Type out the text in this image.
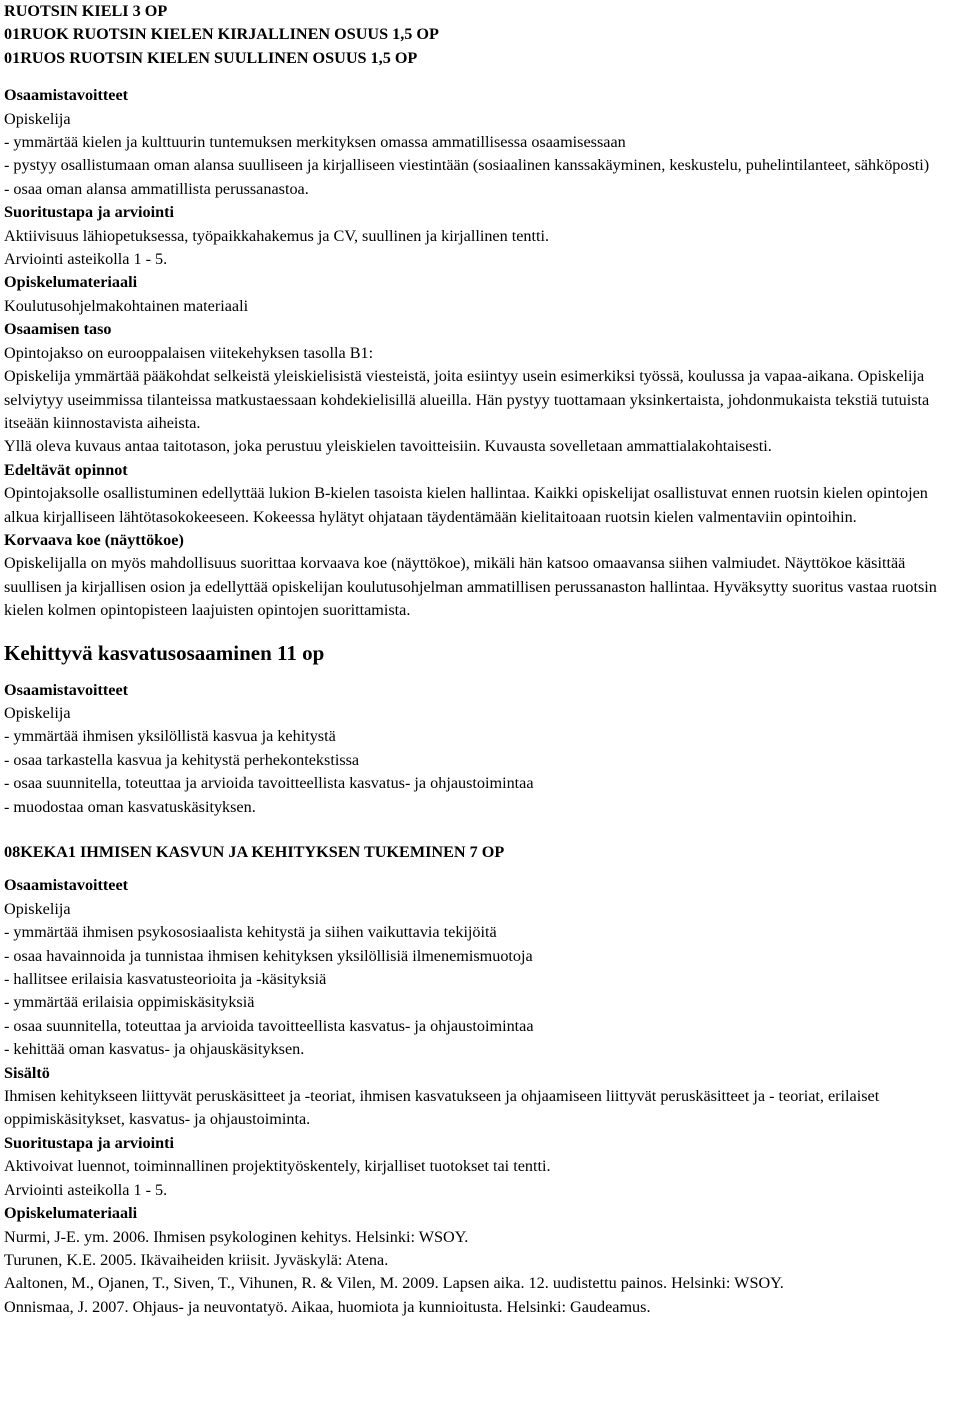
RUOTSIN KIELI 3 OP
01RUOK RUOTSIN KIELEN KIRJALLINEN OSUUS 1,5 OP
01RUOS RUOTSIN KIELEN SUULLINEN OSUUS 1,5 OP
Osaamistavoitteet
Opiskelija
- ymmärtää kielen ja kulttuurin tuntemuksen merkityksen omassa ammatillisessa osaamisessaan
- pystyy osallistumaan oman alansa suulliseen ja kirjalliseen viestintään (sosiaalinen kanssakäyminen, keskustelu, puhelintilanteet, sähköposti)
- osaa oman alansa ammatillista perussanastoa.
Suoritustapa ja arviointi
Aktiivisuus lähiopetuksessa, työpaikkahakemus ja CV, suullinen ja kirjallinen tentti.
Arviointi asteikolla 1 - 5.
Opiskelumateriaali
Koulutusohjelmakohtainen materiaali
Osaamisen taso
Opintojakso on eurooppalaisen viitekehyksen tasolla B1:
Opiskelija ymmärtää pääkohdat selkeistä yleiskielisistä viesteistä, joita esiintyy usein esimerkiksi työssä, koulussa ja vapaa-aikana. Opiskelija selviytyy useimmissa tilanteissa matkustaessaan kohdekielisillä alueilla. Hän pystyy tuottamaan yksinkertaista, johdonmukaista tekstiä tutuista itseään kiinnostavista aiheista.
Yllä oleva kuvaus antaa taitotason, joka perustuu yleiskielen tavoitteisiin. Kuvausta sovelletaan ammattialakohtaisesti.
Edeltävät opinnot
Opintojaksolle osallistuminen edellyttää lukion B-kielen tasoista kielen hallintaa. Kaikki opiskelijat osallistuvat ennen ruotsin kielen opintojen alkua kirjalliseen lähtötasokokeeseen. Kokeessa hylätyt ohjataan täydentämään kielitaitoaan ruotsin kielen valmentaviin opintoihin.
Korvaava koe (näyttökoe)
Opiskelijalla on myös mahdollisuus suorittaa korvaava koe (näyttökoe), mikäli hän katsoo omaavansa siihen valmiudet. Näyttökoe käsittää suullisen ja kirjallisen osion ja edellyttää opiskelijan koulutusohjelman ammatillisen perussanaston hallintaa. Hyväksytty suoritus vastaa ruotsin kielen kolmen opintopisteen laajuisten opintojen suorittamista.
Kehittyvä kasvatusosaaminen 11 op
Osaamistavoitteet
Opiskelija
- ymmärtää ihmisen yksilöllistä kasvua ja kehitystä
- osaa tarkastella kasvua ja kehitystä perhekontekstissa
- osaa suunnitella, toteuttaa ja arvioida tavoitteellista kasvatus- ja ohjaustoimintaa
- muodostaa oman kasvatuskäsityksen.
08KEKA1 IHMISEN KASVUN JA KEHITYKSEN TUKEMINEN 7 OP
Osaamistavoitteet
Opiskelija
- ymmärtää ihmisen psykososiaalista kehitystä ja siihen vaikuttavia tekijöitä
- osaa havainnoida ja tunnistaa ihmisen kehityksen yksilöllisiä ilmenemismuotoja
- hallitsee erilaisia kasvatusteorioita ja -käsityksiä
- ymmärtää erilaisia oppimiskäsityksiä
- osaa suunnitella, toteuttaa ja arvioida tavoitteellista kasvatus- ja ohjaustoimintaa
- kehittää oman kasvatus- ja ohjauskäsityksen.
Sisältö
Ihmisen kehitykseen liittyvät peruskäsitteet ja -teoriat, ihmisen kasvatukseen ja ohjaamiseen liittyvät peruskäsitteet ja - teoriat, erilaiset oppimiskäsitykset, kasvatus- ja ohjaustoiminta.
Suoritustapa ja arviointi
Aktivoivat luennot, toiminnallinen projektityöskentely, kirjalliset tuotokset tai tentti.
Arviointi asteikolla 1 - 5.
Opiskelumateriaali
Nurmi, J-E. ym. 2006. Ihmisen psykologinen kehitys. Helsinki: WSOY.
Turunen, K.E. 2005. Ikävaiheiden kriisit. Jyväskylä: Atena.
Aaltonen, M., Ojanen, T., Siven, T., Vihunen, R. & Vilen, M. 2009. Lapsen aika. 12. uudistettu painos. Helsinki: WSOY.
Onnismaa, J. 2007. Ohjaus- ja neuvontatyö. Aikaa, huomiota ja kunnioitusta. Helsinki: Gaudeamus.
